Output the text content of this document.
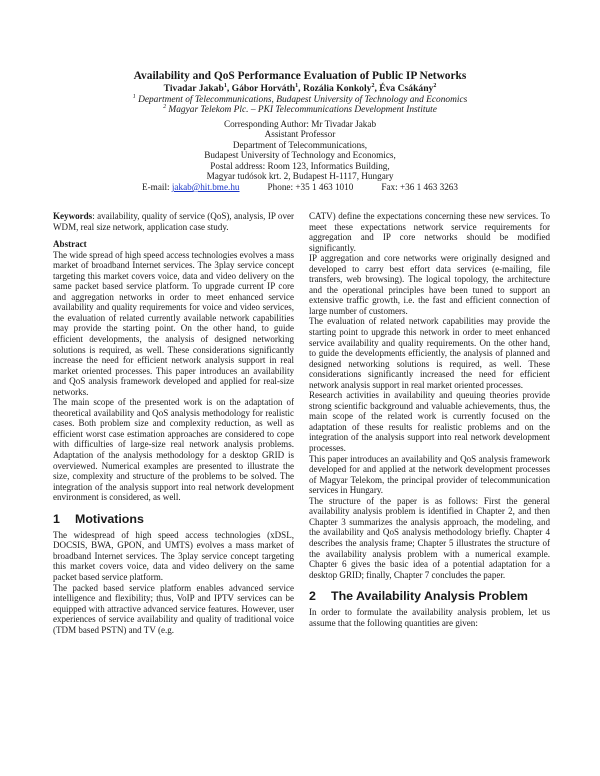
Availability and QoS Performance Evaluation of Public IP Networks
Tivadar Jakab$^1$, Gábor Horváth$^1$, Rozália Konkoly$^2$, Éva Csákány$^2$
$^1$ Department of Telecommunications, Budapest University of Technology and Economics
$^2$ Magyar Telekom Plc. – PKI Telecommunications Development Institute
Corresponding Author: Mr Tivadar Jakab
Assistant Professor
Department of Telecommunications,
Budapest University of Technology and Economics,
Postal address: Room 123, Informatics Building,
Magyar tudósok krt. 2, Budapest H-1117, Hungary
E-mail: jakab@hit.bme.hu	Phone: +35 1 463 1010	Fax: +36 1 463 3263

Keywords: availability, quality of service (QoS), analysis, IP over WDM, real size network, application case study.

Abstract

The wide spread of high speed access technologies evolves a mass market of broadband Internet services. The 3play service concept targeting this market covers voice, data and video delivery on the same packet based service platform. To upgrade current IP core and aggregation networks in order to meet enhanced service availability and quality requirements for voice and video services, the evaluation of related currently available network capabilities may provide the starting point. On the other hand, to guide efficient developments, the analysis of designed networking solutions is required, as well. These considerations significantly increase the need for efficient network analysis support in real market oriented processes. This paper introduces an availability and QoS analysis framework developed and applied for real-size networks.

The main scope of the presented work is on the adaptation of theoretical availability and QoS analysis methodology for realistic cases. Both problem size and complexity reduction, as well as efficient worst case estimation approaches are considered to cope with difficulties of large-size real network analysis problems. Adaptation of the analysis methodology for a desktop GRID is overviewed. Numerical examples are presented to illustrate the size, complexity and structure of the problems to be solved. The integration of the analysis support into real network development environment is considered, as well.

1	Motivations

The widespread of high speed access technologies (xDSL, DOCSIS, BWA, GPON, and UMTS) evolves a mass market of broadband Internet services. The 3play service concept targeting this market covers voice, data and video delivery on the same packet based service platform.

The packed based service platform enables advanced service intelligence and flexibility; thus, VoIP and IPTV services can be equipped with attractive advanced service features. However, user experiences of service availability and quality of traditional voice (TDM based PSTN) and TV (e.g.

CATV) define the expectations concerning these new services. To meet these expectations network service requirements for aggregation and IP core networks should be modified significantly.

IP aggregation and core networks were originally designed and developed to carry best effort data services (e-mailing, file transfers, web browsing). The logical topology, the architecture and the operational principles have been tuned to support an extensive traffic growth, i.e. the fast and efficient connection of large number of customers.

The evaluation of related network capabilities may provide the starting point to upgrade this network in order to meet enhanced service availability and quality requirements. On the other hand, to guide the developments efficiently, the analysis of planned and designed networking solutions is required, as well. These considerations significantly increased the need for efficient network analysis support in real market oriented processes.

Research activities in availability and queuing theories provide strong scientific background and valuable achievements, thus, the main scope of the related work is currently focused on the adaptation of these results for realistic problems and on the integration of the analysis support into real network development processes.

This paper introduces an availability and QoS analysis framework developed for and applied at the network development processes of Magyar Telekom, the principal provider of telecommunication services in Hungary.

The structure of the paper is as follows: First the general availability analysis problem is identified in Chapter 2, and then Chapter 3 summarizes the analysis approach, the modeling, and the availability and QoS analysis methodology briefly. Chapter 4 describes the analysis frame; Chapter 5 illustrates the structure of the availability analysis problem with a numerical example. Chapter 6 gives the basic idea of a potential adaptation for a desktop GRID; finally, Chapter 7 concludes the paper.

2	The Availability Analysis Problem

In order to formulate the availability analysis problem, let us assume that the following quantities are given:
